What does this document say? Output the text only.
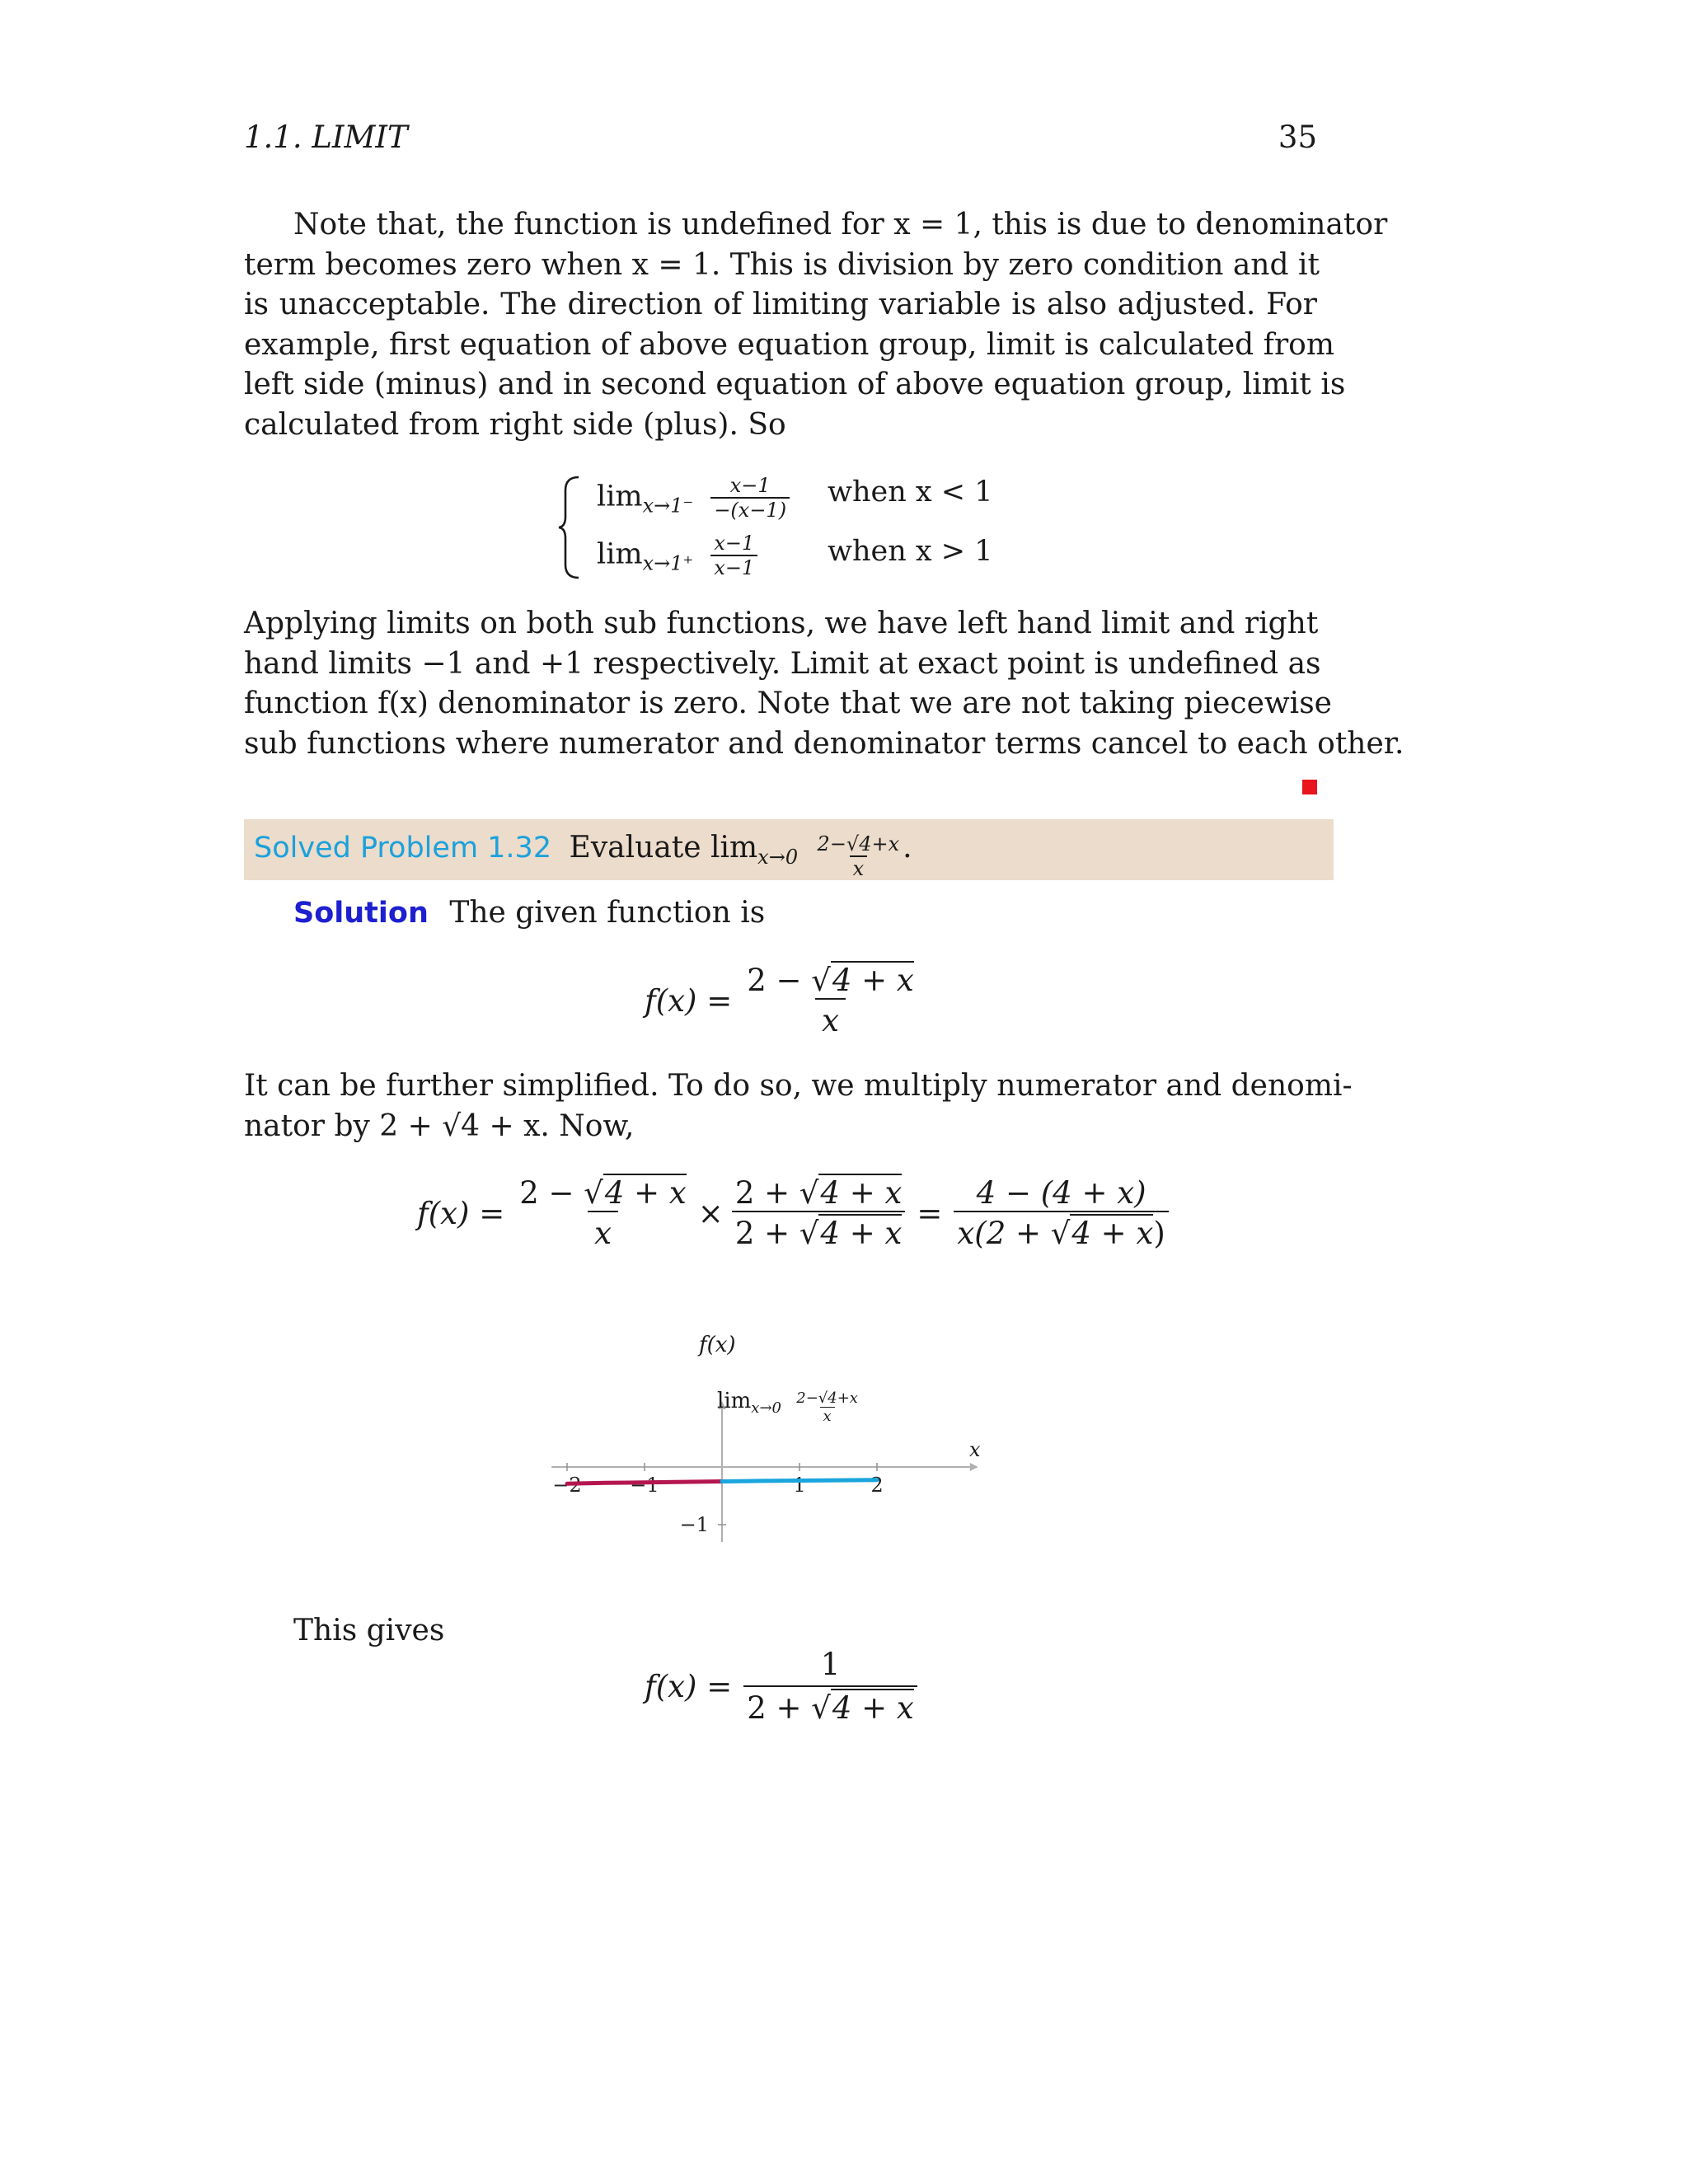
1.1. LIMIT	35
Note that, the function is undefined for x = 1, this is due to denominator
term becomes zero when x = 1. This is division by zero condition and it
is unacceptable. The direction of limiting variable is also adjusted. For
example, first equation of above equation group, limit is calculated from
left side (minus) and in second equation of above equation group, limit is
calculated from right side (plus). So
$\lim_{x\to 1^-} \frac{x-1}{-(x-1)}$ when x < 1
$\lim_{x\to 1^+} \frac{x-1}{x-1}$ when x > 1
Applying limits on both sub functions, we have left hand limit and right
hand limits −1 and +1 respectively. Limit at exact point is undefined as
function f(x) denominator is zero. Note that we are not taking piecewise
sub functions where numerator and denominator terms cancel to each other.
Solved Problem 1.32 Evaluate $\lim_{x\to 0} \frac{2-√4+x}{x}$ .
Solution The given function is
$f(x) = \frac{2 - √4 + x}{x}$
It can be further simplified. To do so, we multiply numerator and denomi-
nator by 2 + √4 + x. Now,
$f(x) = \frac{2 - √4 + x}{x} \times \frac{2 + √4 + x}{2 + √4 + x} = \frac{4 - (4 + x)}{x(2 + √4 + x)}$
−2 −1	1	2
−1
f(x)
x
$\lim_{x\to 0} \frac{2-√4+x}{x}$
This gives
$f(x) = \frac{1}{2 + √4 + x}$
